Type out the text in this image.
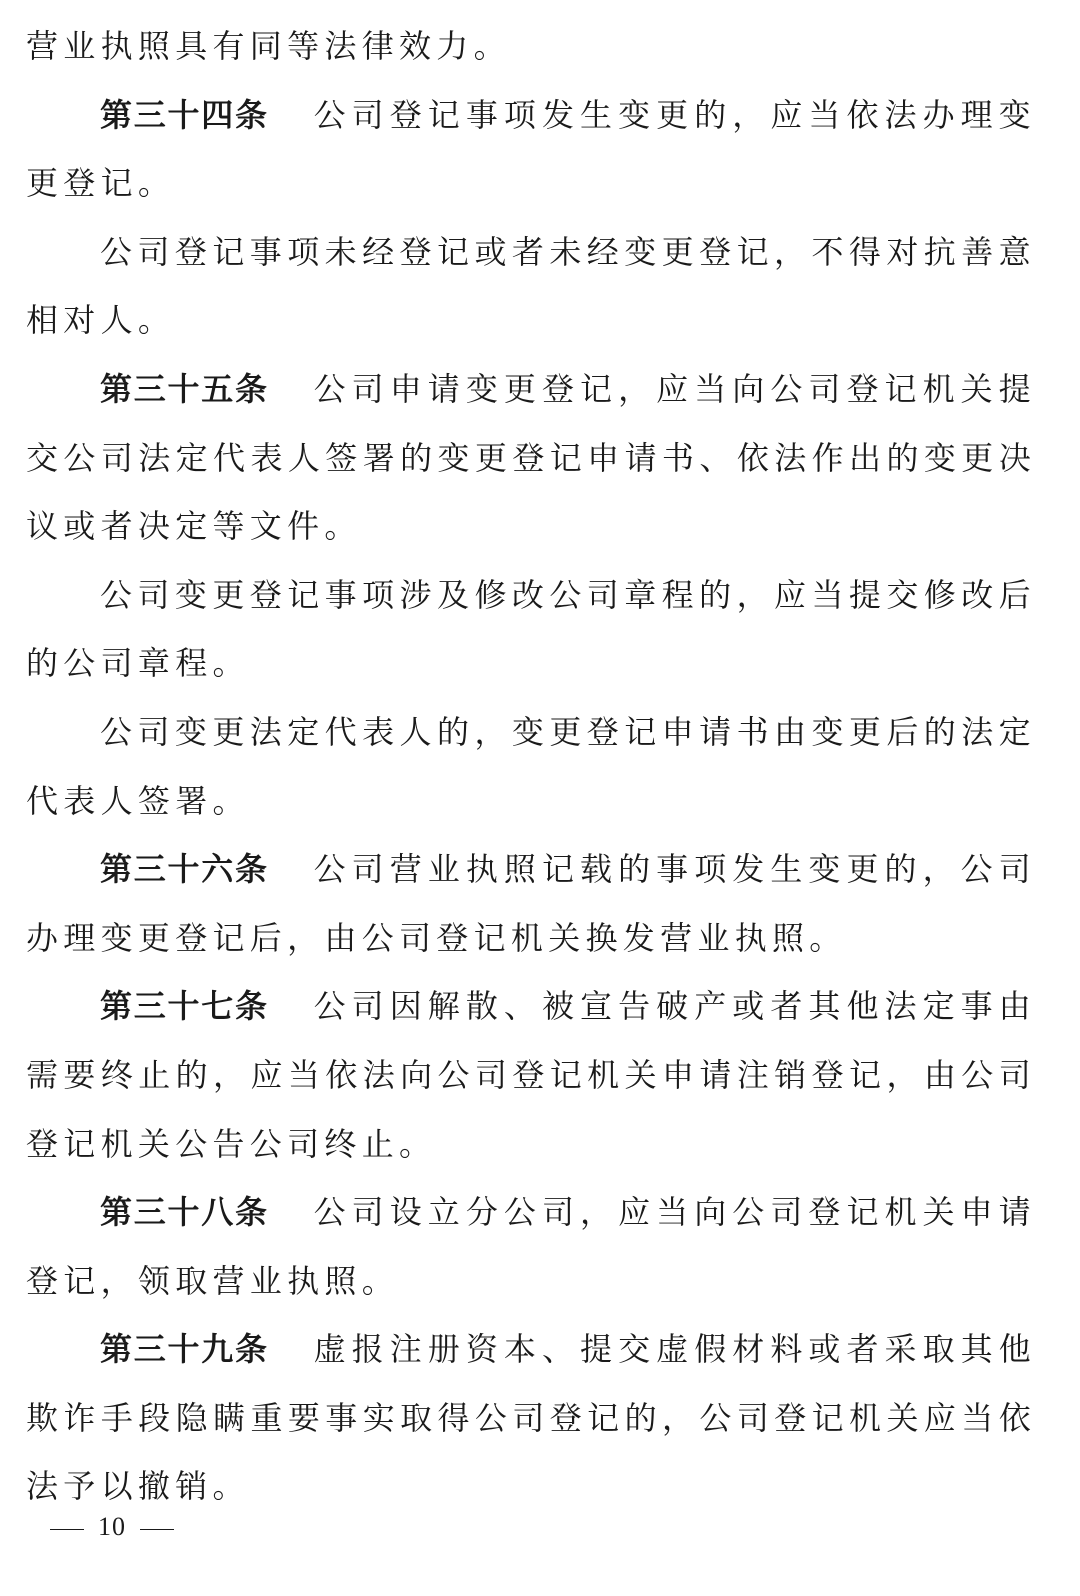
营业执照具有同等法律效力。

第三十四条 公司登记事项发生变更的，应当依法办理变更登记。

公司登记事项未经登记或者未经变更登记，不得对抗善意相对人。

第三十五条 公司申请变更登记，应当向公司登记机关提交公司法定代表人签署的变更登记申请书、依法作出的变更决议或者决定等文件。

公司变更登记事项涉及修改公司章程的，应当提交修改后的公司章程。

公司变更法定代表人的，变更登记申请书由变更后的法定代表人签署。

第三十六条 公司营业执照记载的事项发生变更的，公司办理变更登记后，由公司登记机关换发营业执照。

第三十七条 公司因解散、被宣告破产或者其他法定事由需要终止的，应当依法向公司登记机关申请注销登记，由公司登记机关公告公司终止。

第三十八条 公司设立分公司，应当向公司登记机关申请登记，领取营业执照。

第三十九条 虚报注册资本、提交虚假材料或者采取其他欺诈手段隐瞒重要事实取得公司登记的，公司登记机关应当依法予以撤销。

10
